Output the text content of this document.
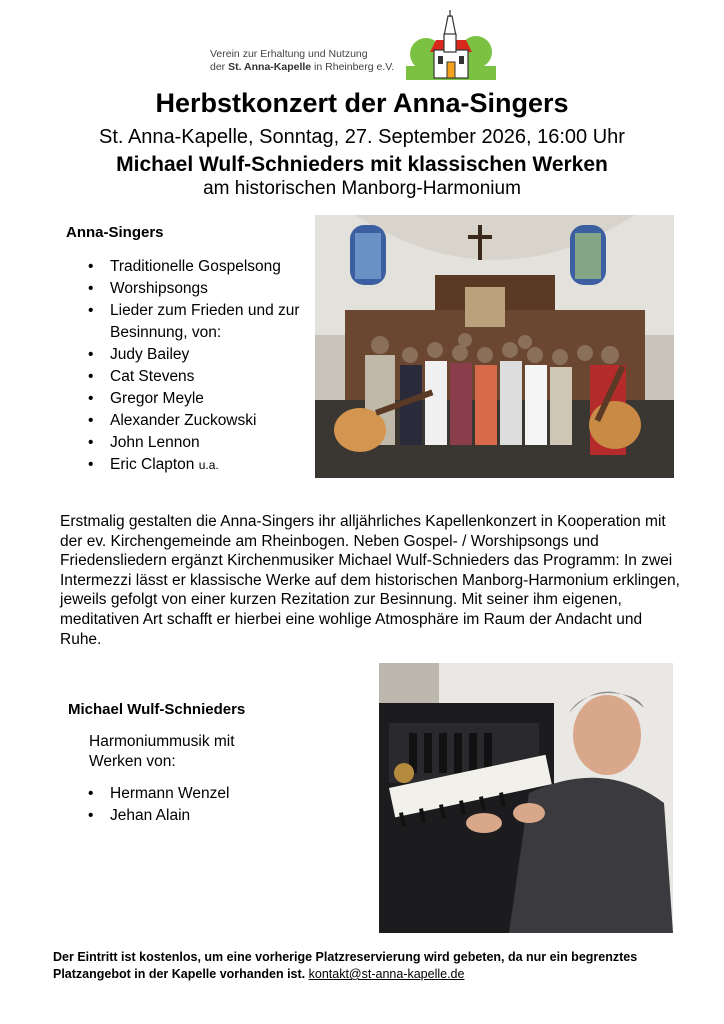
Verein zur Erhaltung und Nutzung
der St. Anna-Kapelle in Rheinberg e.V.
Herbstkonzert der Anna-Singers
St. Anna-Kapelle, Sonntag, 27. September 2026, 16:00 Uhr
Michael Wulf-Schnieders mit klassischen Werken
am historischen Manborg-Harmonium
Anna-Singers
• Traditionelle Gospelsong
• Worshipsongs
• Lieder zum Frieden und zur Besinnung, von:
• Judy Bailey
• Cat Stevens
• Gregor Meyle
• Alexander Zuckowski
• John Lennon
• Eric Clapton u.a.
Erstmalig gestalten die Anna-Singers ihr alljährliches Kapellenkonzert in Kooperation mit der ev. Kirchengemeinde am Rheinbogen. Neben Gospel- / Worshipsongs und Friedensliedern ergänzt Kirchenmusiker Michael Wulf-Schnieders das Programm: In zwei Intermezzi lässt er klassische Werke auf dem historischen Manborg-Harmonium erklingen, jeweils gefolgt von einer kurzen Rezitation zur Besinnung. Mit seiner ihm eigenen, meditativen Art schafft er hierbei eine wohlige Atmosphäre im Raum der Andacht und Ruhe.
Michael Wulf-Schnieders
Harmoniummusik mit Werken von:
• Hermann Wenzel
• Jehan Alain
Der Eintritt ist kostenlos, um eine vorherige Platzreservierung wird gebeten, da nur ein begrenztes Platzangebot in der Kapelle vorhanden ist. kontakt@st-anna-kapelle.de
